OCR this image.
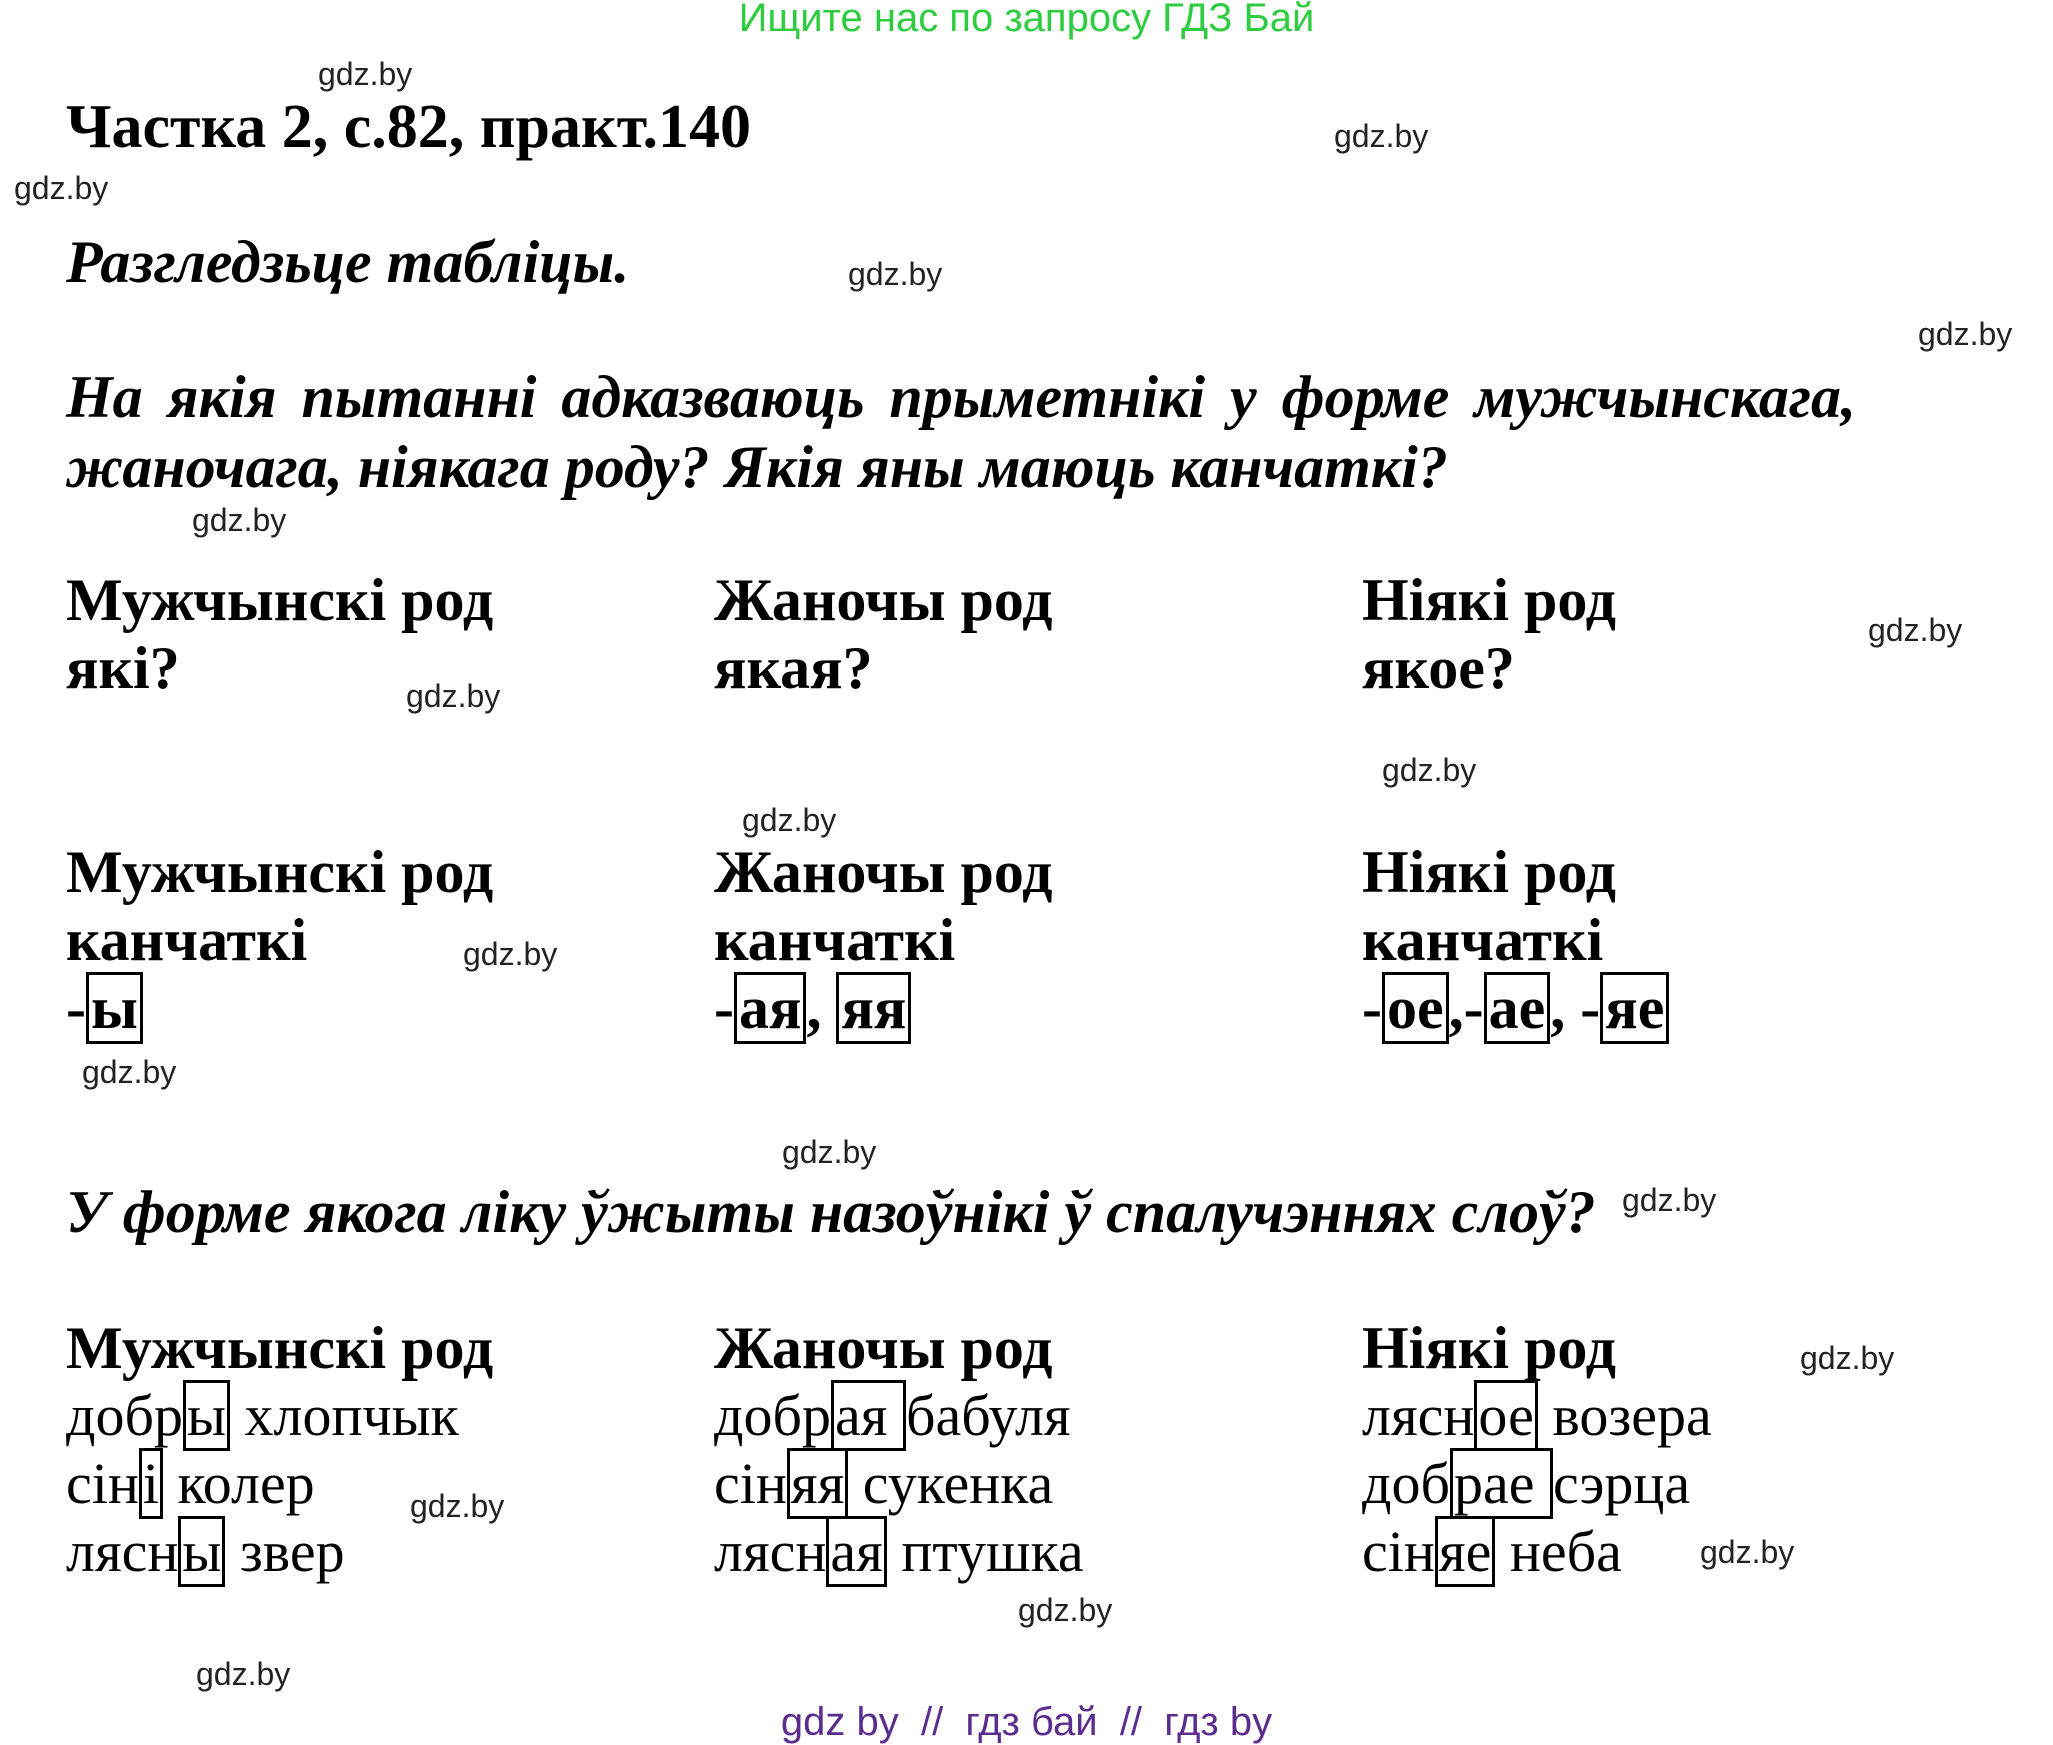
Ищите нас по запросу ГДЗ Бай
gdz.by
gdz.by
gdz.by
gdz.by
gdz.by
gdz.by
gdz.by
gdz.by
gdz.by
gdz.by
gdz.by
gdz.by
gdz.by
gdz.by
gdz.by
gdz.by
gdz.by
gdz.by
gdz.by
Частка 2, с.82, практ.140
Разгледзьце табліцы.
На якія пытанні адказваюць прыметнікі у форме мужчынскага, жаночага, ніякага роду? Якія яны маюць канчаткі?
Мужчынскі род
які?
Жаночы род
якая?
Ніякі род
якое?
Мужчынскі род
канчаткі
-ы
Жаночы род
канчаткі
-ая, яя
Ніякі род
канчаткі
-ое,-ае, -яе
У форме якога ліку ўжыты назоўнікі ў спалучэннях слоў?
Мужчынскі род
добры хлопчык
сіні колер
лясны звер
Жаночы род
добрая бабуля
сіняя сукенка
лясная птушка
Ніякі род
лясное возера
добрае сэрца
сіняе неба
gdz by  //  гдз бай  //  гдз by
